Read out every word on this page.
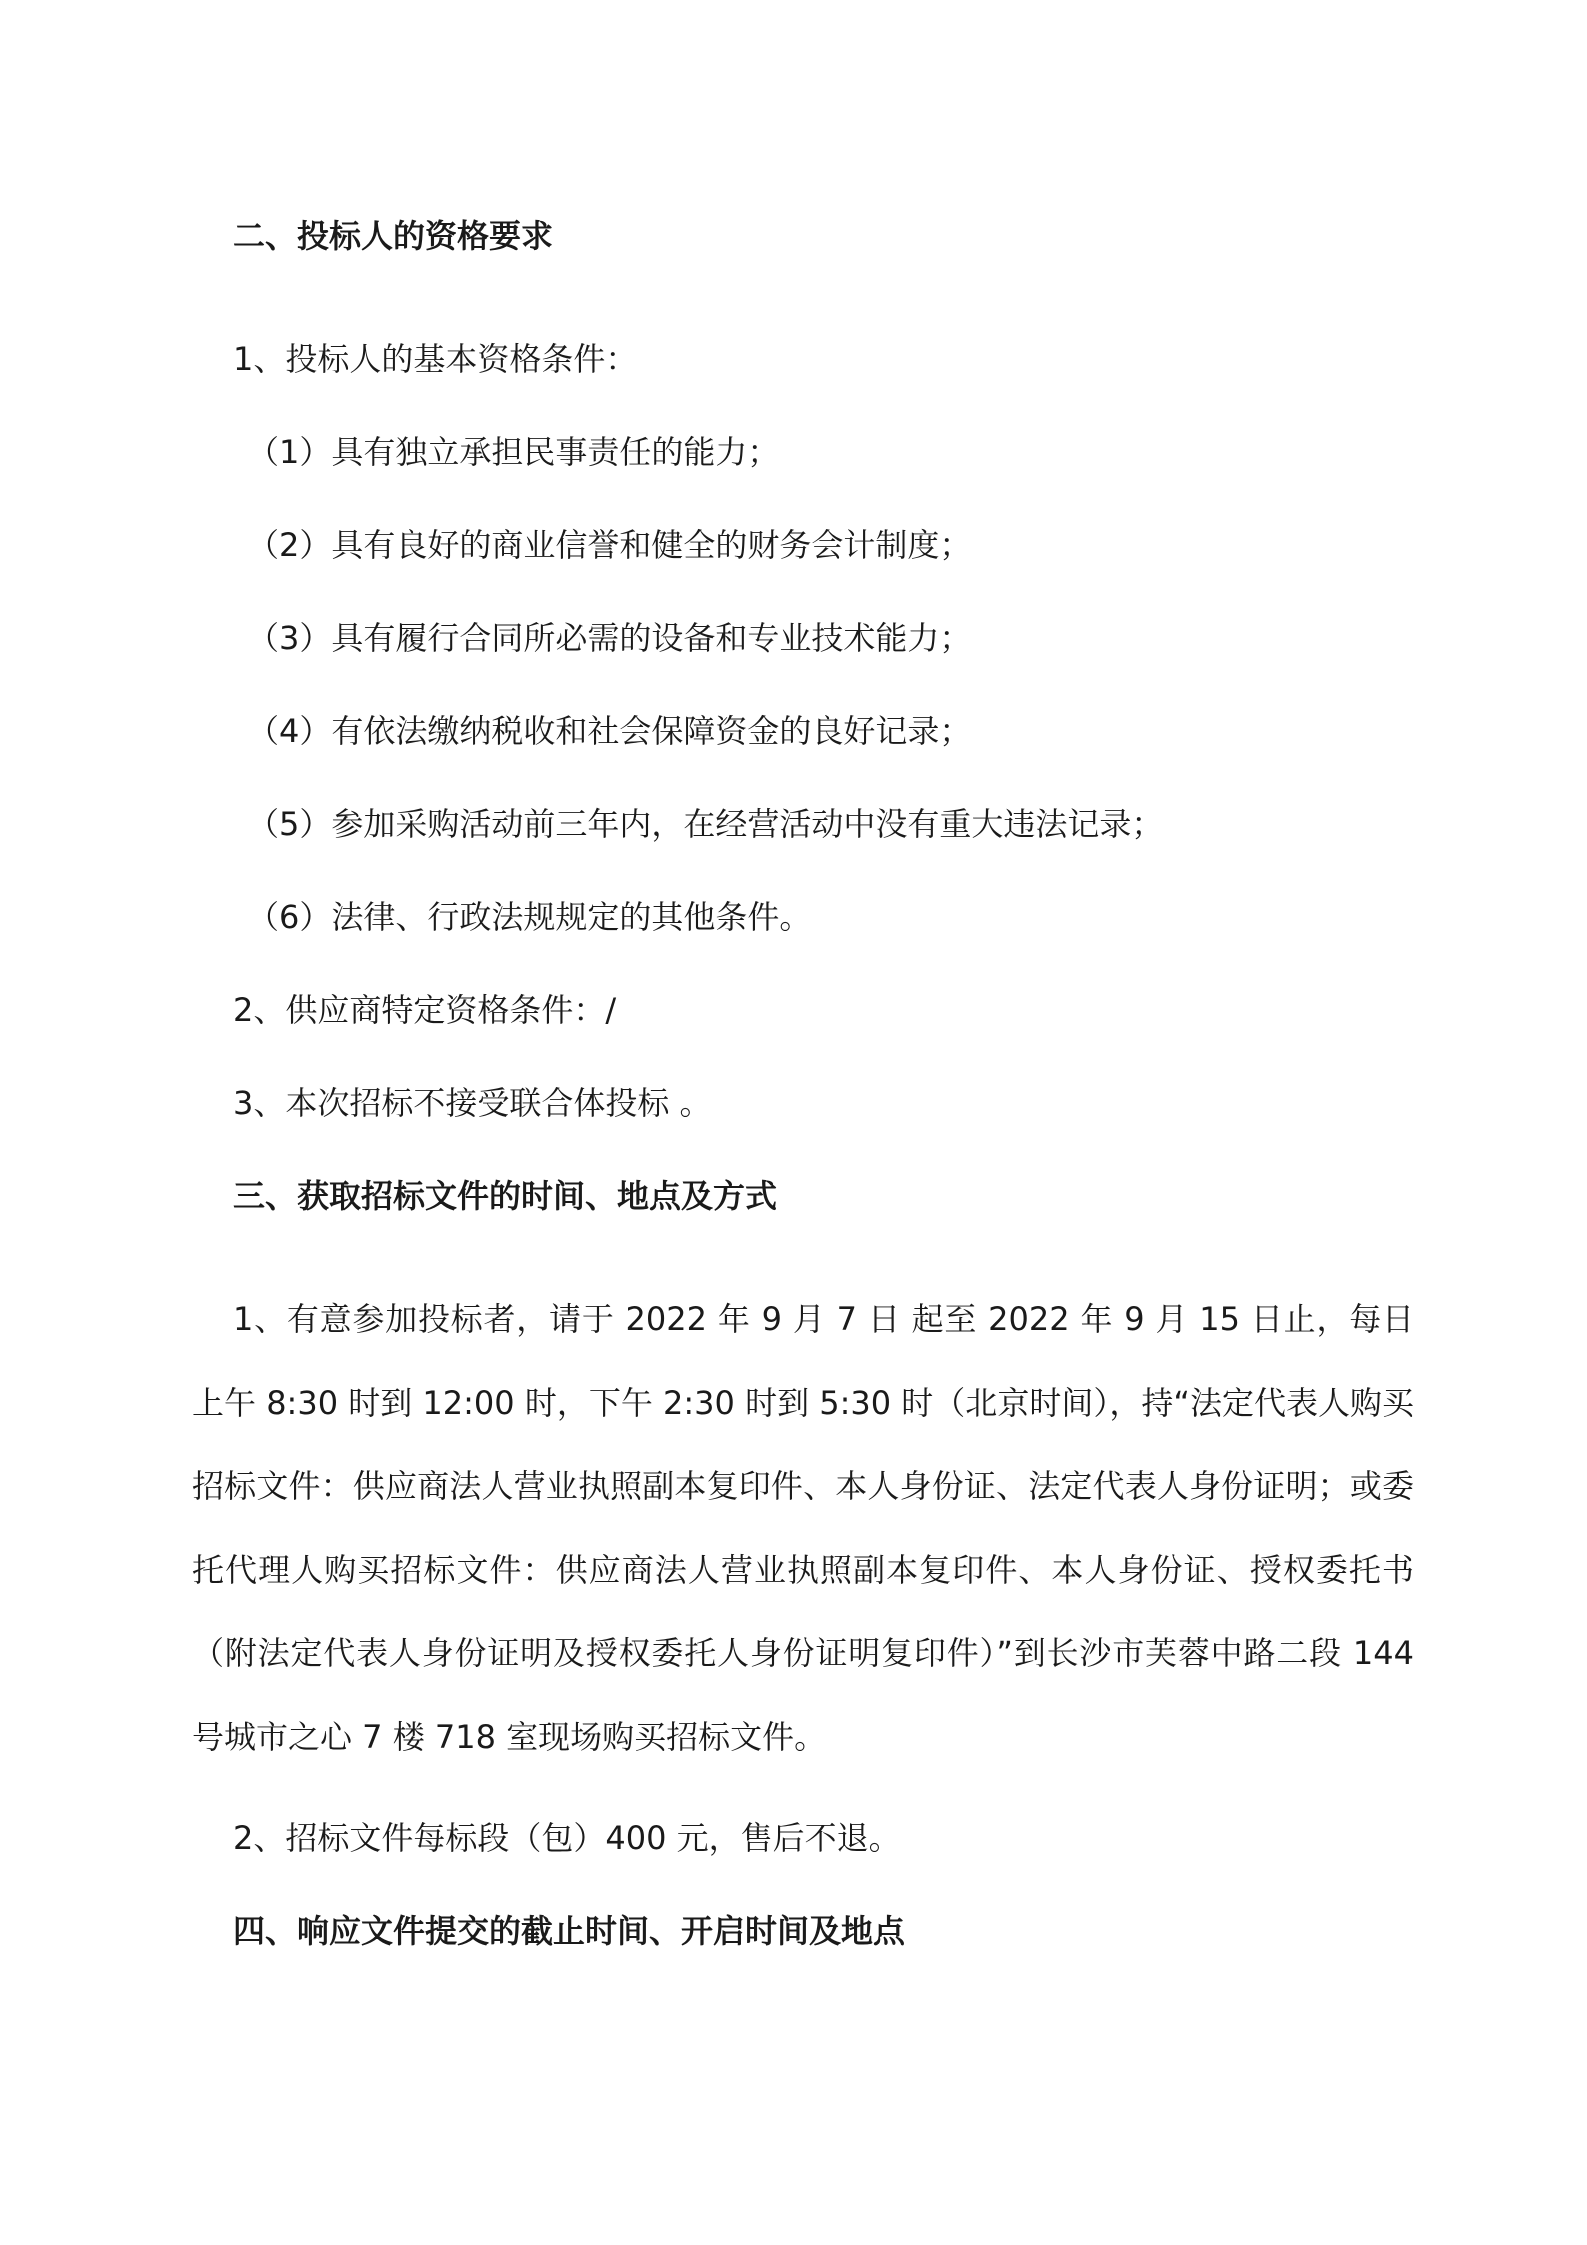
二、投标人的资格要求
1、投标人的基本资格条件：
（1）具有独立承担民事责任的能力；
（2）具有良好的商业信誉和健全的财务会计制度；
（3）具有履行合同所必需的设备和专业技术能力；
（4）有依法缴纳税收和社会保障资金的良好记录；
（5）参加采购活动前三年内，在经营活动中没有重大违法记录；
（6）法律、行政法规规定的其他条件。
2、供应商特定资格条件：/
3、本次招标不接受联合体投标 。
三、获取招标文件的时间、地点及方式
1、有意参加投标者，请于 2022 年 9 月 7 日 起至 2022 年 9 月 15 日止，每日上午 8:30 时到 12:00 时，下午 2:30 时到 5:30 时（北京时间），持“法定代表人购买招标文件：供应商法人营业执照副本复印件、本人身份证、法定代表人身份证明；或委托代理人购买招标文件：供应商法人营业执照副本复印件、本人身份证、授权委托书（附法定代表人身份证明及授权委托人身份证明复印件）”到长沙市芙蓉中路二段 144 号城市之心 7 楼 718 室现场购买招标文件。
2、招标文件每标段（包）400 元，售后不退。
四、响应文件提交的截止时间、开启时间及地点
